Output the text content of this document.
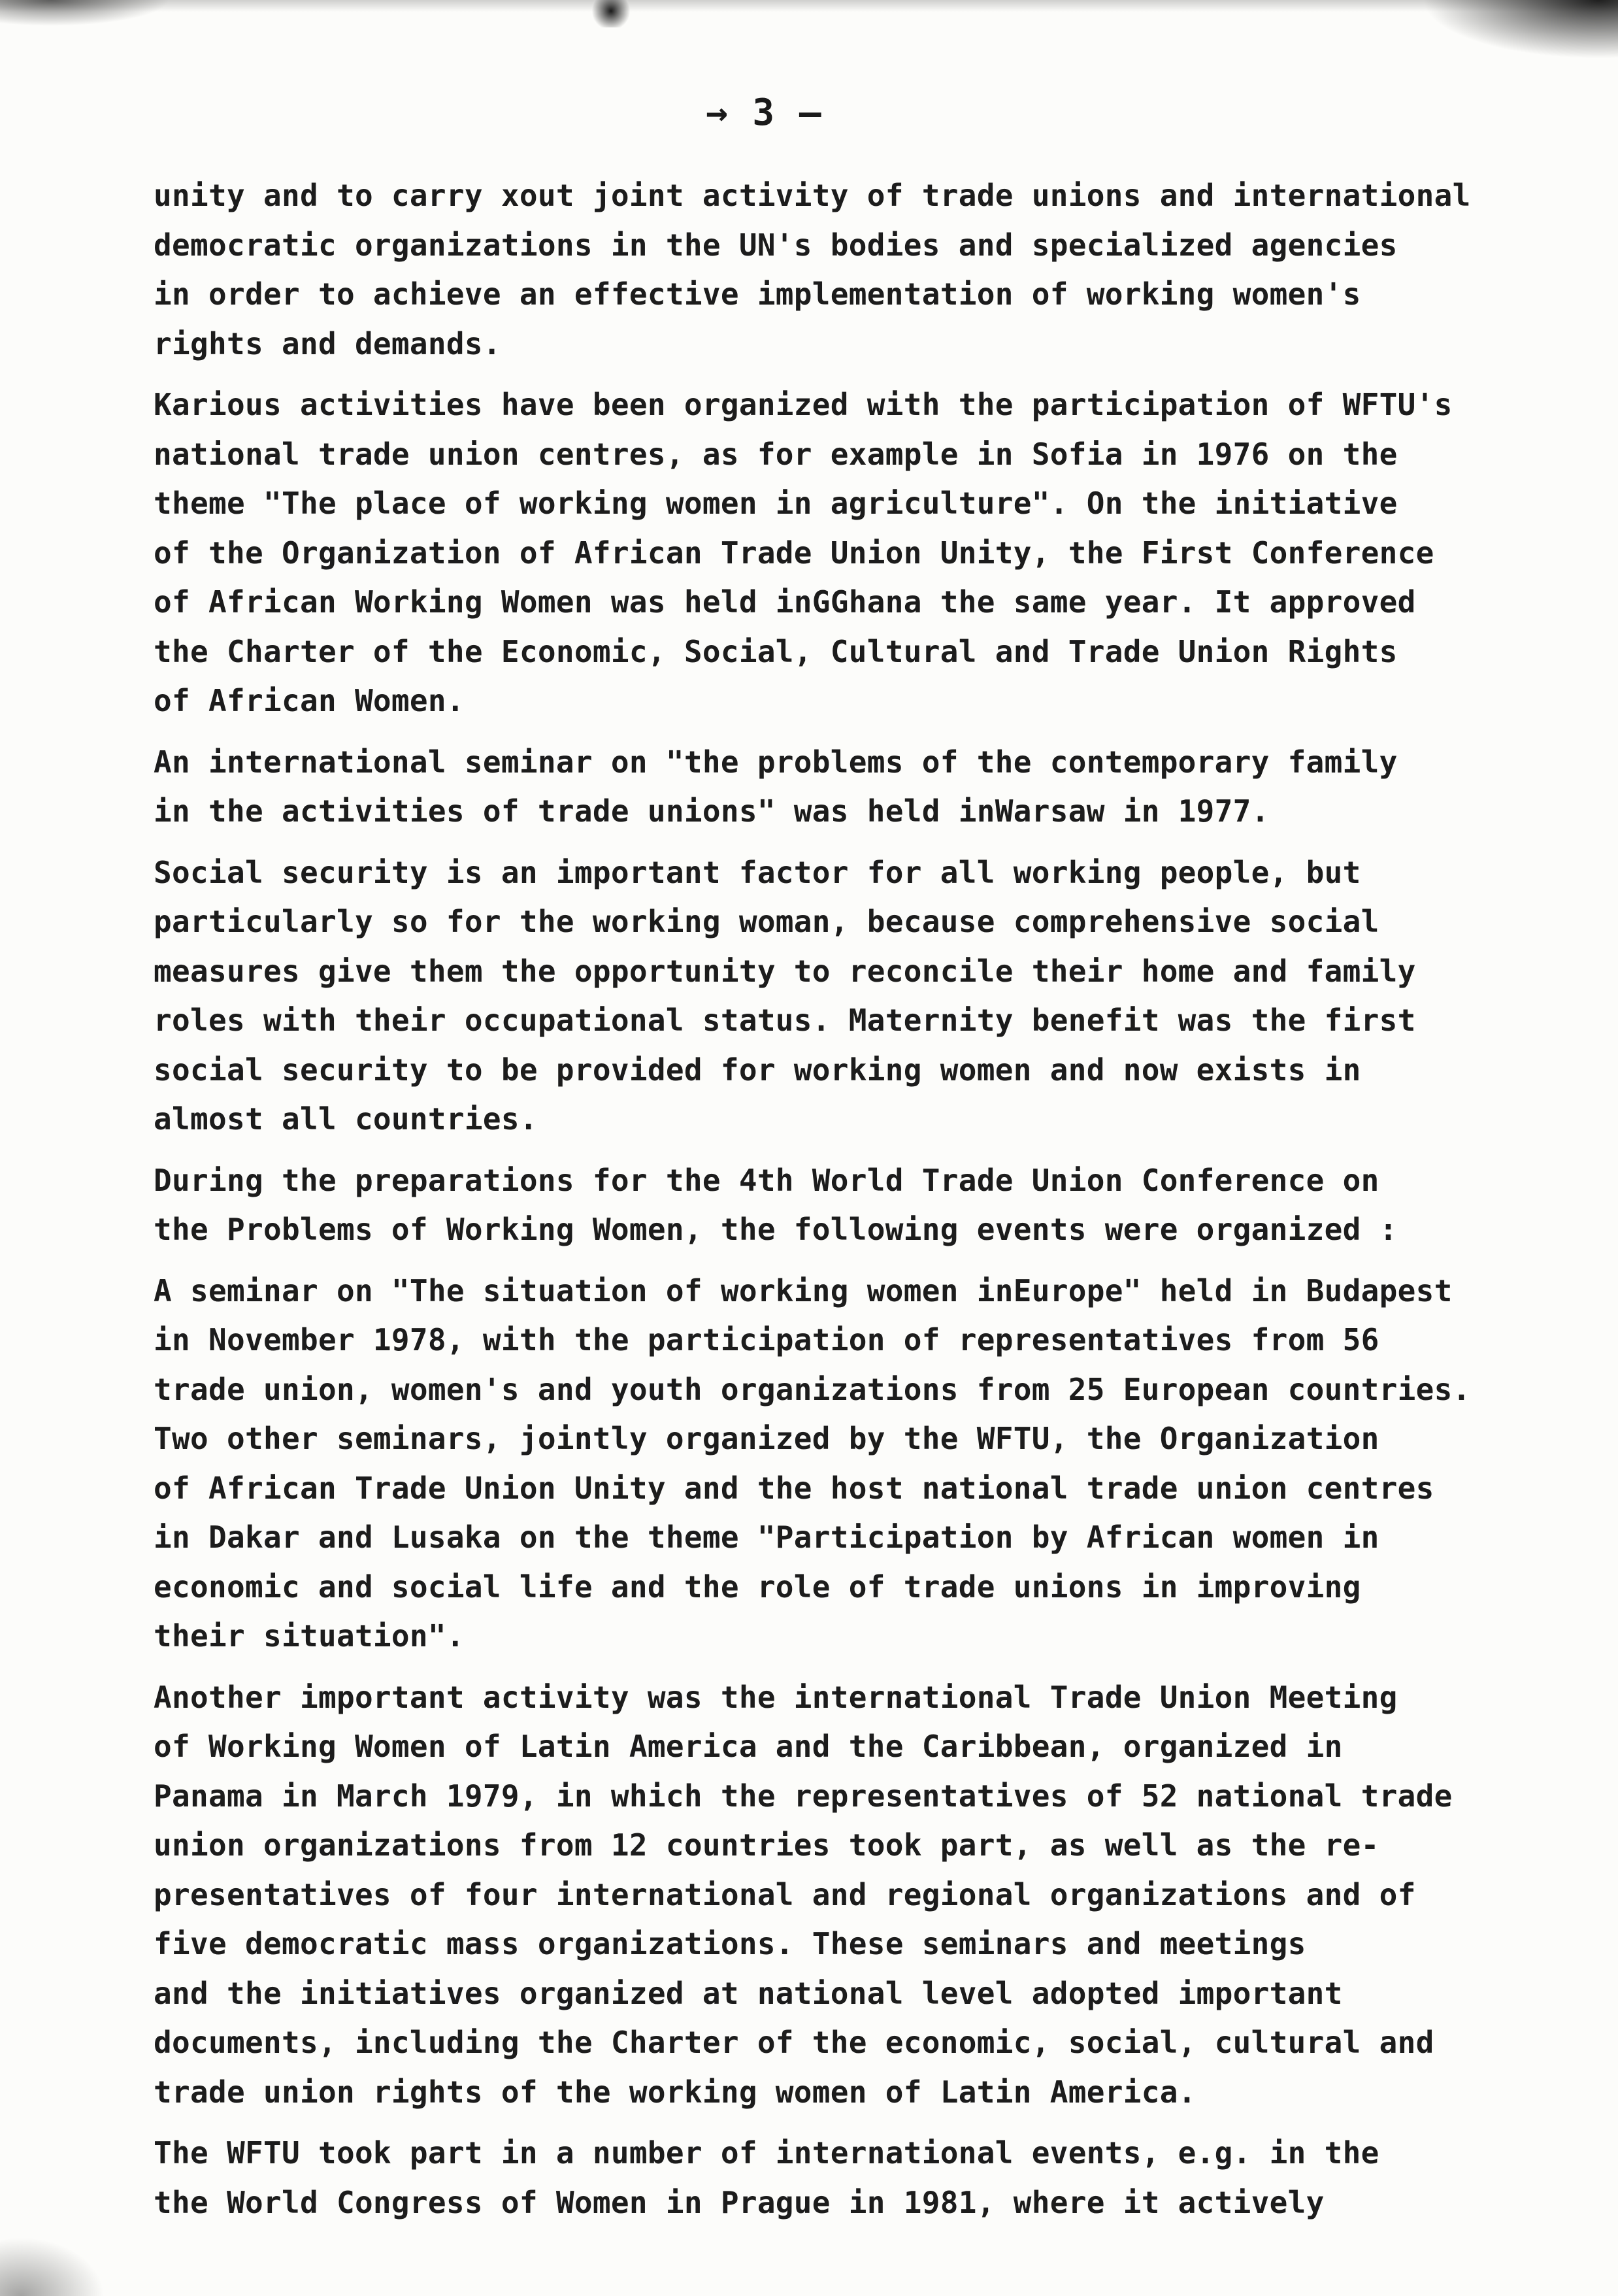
→ 3 ‒
unity and to carry xout joint activity of trade unions and international
democratic organizations in the UN's bodies and specialized agencies
in order to achieve an effective implementation of working women's
rights and demands.
Karious activities have been organized with the participation of WFTU's
national trade union centres, as for example in Sofia in 1976 on the
theme "The place of working women in agriculture". On the initiative
of the Organization of African Trade Union Unity, the First Conference
of African Working Women was held inGGhana the same year. It approved
the Charter of the Economic, Social, Cultural and Trade Union Rights
of African Women.
An international seminar on "the problems of the contemporary family
in the activities of trade unions" was held inWarsaw in 1977.
Social security is an important factor for all working people, but
particularly so for the working woman, because comprehensive social
measures give them the opportunity to reconcile their home and family
roles with their occupational status. Maternity benefit was the first
social security to be provided for working women and now exists in
almost all countries.
During the preparations for the 4th World Trade Union Conference on
the Problems of Working Women, the following events were organized :
A seminar on "The situation of working women inEurope" held in Budapest
in November 1978, with the participation of representatives from 56
trade union, women's and youth organizations from 25 European countries.
Two other seminars, jointly organized by the WFTU, the Organization
of African Trade Union Unity and the host national trade union centres
in Dakar and Lusaka on the theme "Participation by African women in
economic and social life and the role of trade unions in improving
their situation".
Another important activity was the international Trade Union Meeting
of Working Women of Latin America and the Caribbean, organized in
Panama in March 1979, in which the representatives of 52 national trade
union organizations from 12 countries took part, as well as the re-
presentatives of four international and regional organizations and of
five democratic mass organizations. These seminars and meetings
and the initiatives organized at national level adopted important
documents, including the Charter of the economic, social, cultural and
trade union rights of the working women of Latin America.
The WFTU took part in a number of international events, e.g. in the
the World Congress of Women in Prague in 1981, where it actively
